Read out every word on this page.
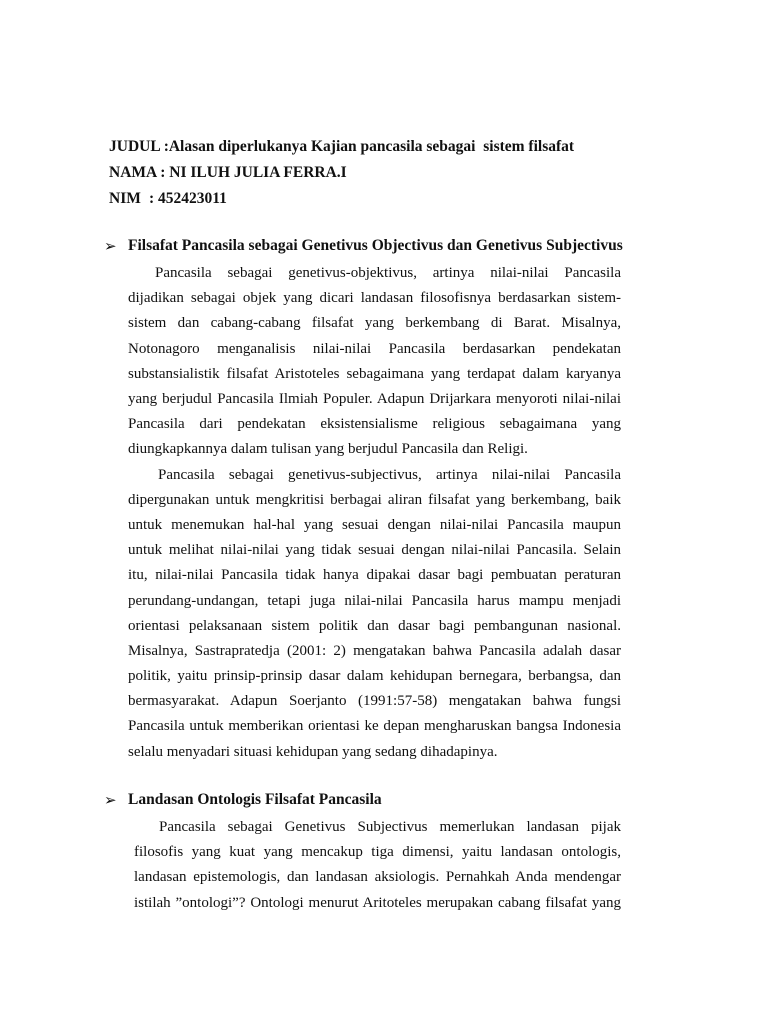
JUDUL :Alasan diperlukanya Kajian pancasila sebagai  sistem filsafat
NAMA : NI ILUH JULIA FERRA.I
NIM : 452423011
➢ Filsafat Pancasila sebagai Genetivus Objectivus dan Genetivus Subjectivus
Pancasila sebagai genetivus-objektivus, artinya nilai-nilai Pancasila
dijadikan sebagai objek yang dicari landasan filosofisnya berdasarkan sistem-
sistem dan cabang-cabang filsafat yang berkembang di Barat. Misalnya,
Notonagoro menganalisis nilai-nilai Pancasila berdasarkan pendekatan
substansialistik filsafat Aristoteles sebagaimana yang terdapat dalam karyanya
yang berjudul Pancasila Ilmiah Populer. Adapun Drijarkara menyoroti nilai-nilai
Pancasila dari pendekatan eksistensialisme religious sebagaimana yang
diungkapkannya dalam tulisan yang berjudul Pancasila dan Religi.
Pancasila sebagai genetivus-subjectivus, artinya nilai-nilai Pancasila
dipergunakan untuk mengkritisi berbagai aliran filsafat yang berkembang, baik
untuk menemukan hal-hal yang sesuai dengan nilai-nilai Pancasila maupun
untuk melihat nilai-nilai yang tidak sesuai dengan nilai-nilai Pancasila. Selain
itu, nilai-nilai Pancasila tidak hanya dipakai dasar bagi pembuatan peraturan
perundang-undangan, tetapi juga nilai-nilai Pancasila harus mampu menjadi
orientasi pelaksanaan sistem politik dan dasar bagi pembangunan nasional.
Misalnya, Sastrapratedja (2001: 2) mengatakan bahwa Pancasila adalah dasar
politik, yaitu prinsip-prinsip dasar dalam kehidupan bernegara, berbangsa, dan
bermasyarakat. Adapun Soerjanto (1991:57-58) mengatakan bahwa fungsi
Pancasila untuk memberikan orientasi ke depan mengharuskan bangsa Indonesia
selalu menyadari situasi kehidupan yang sedang dihadapinya.
➢ Landasan Ontologis Filsafat Pancasila
Pancasila sebagai Genetivus Subjectivus memerlukan landasan pijak
filosofis yang kuat yang mencakup tiga dimensi, yaitu landasan ontologis,
landasan epistemologis, dan landasan aksiologis. Pernahkah Anda mendengar
istilah ”ontologi”? Ontologi menurut Aritoteles merupakan cabang filsafat yang
